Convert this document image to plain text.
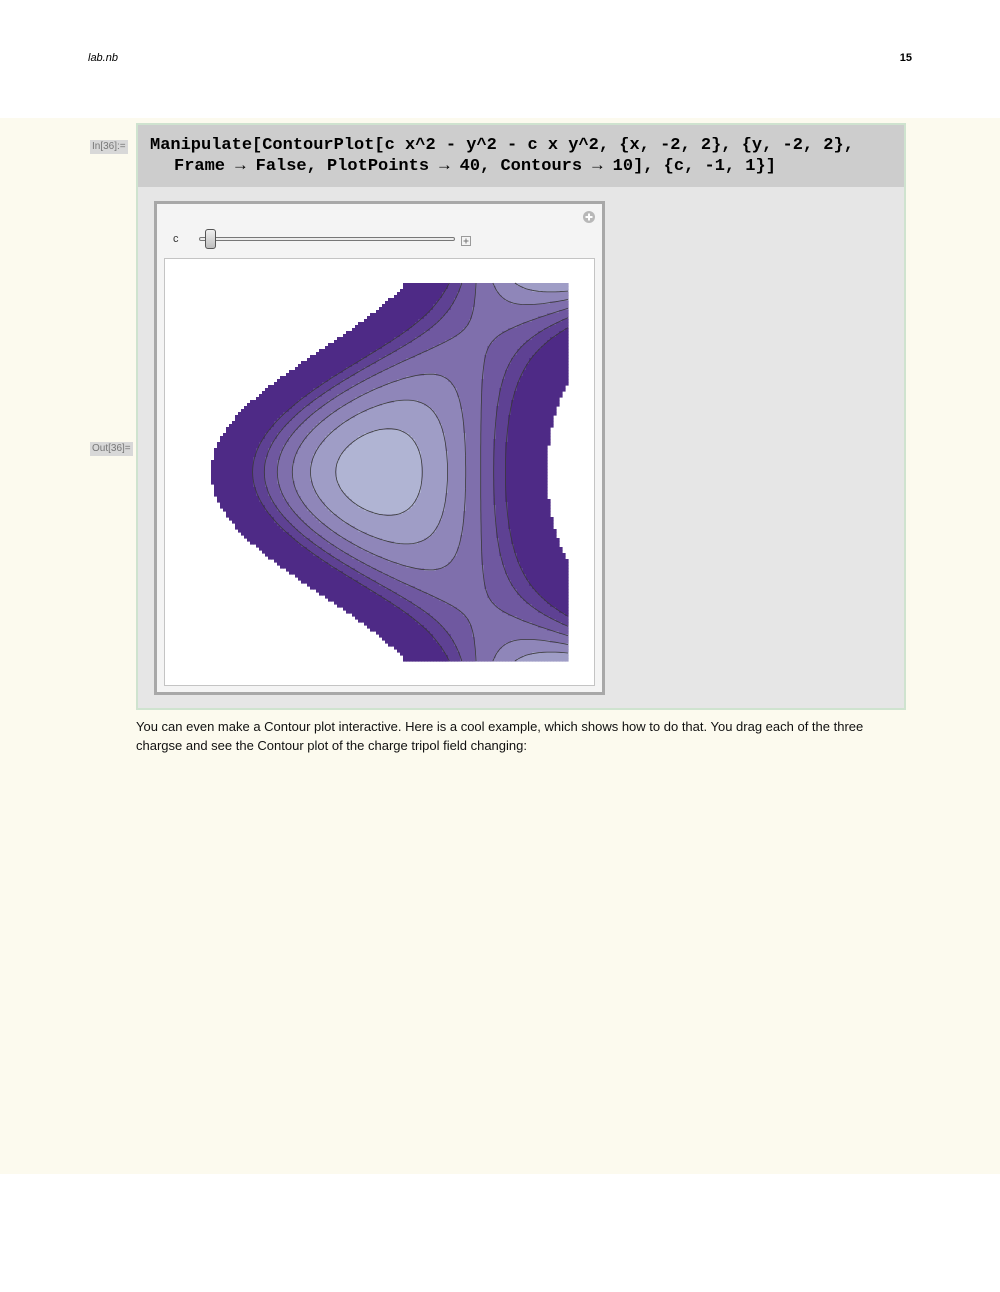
lab.nb	15
In[36]:=
Out[36]=
Manipulate[ContourPlot[c x^2 - y^2 - c x y^2, {x, -2, 2}, {y, -2, 2},
Frame → False, PlotPoints → 40, Contours → 10], {c, -1, 1}]
c
You can even make a Contour plot interactive. Here is a cool example, which shows how to do that. You drag each of the three chargse and see the Contour plot of the charge tripol field changing:
